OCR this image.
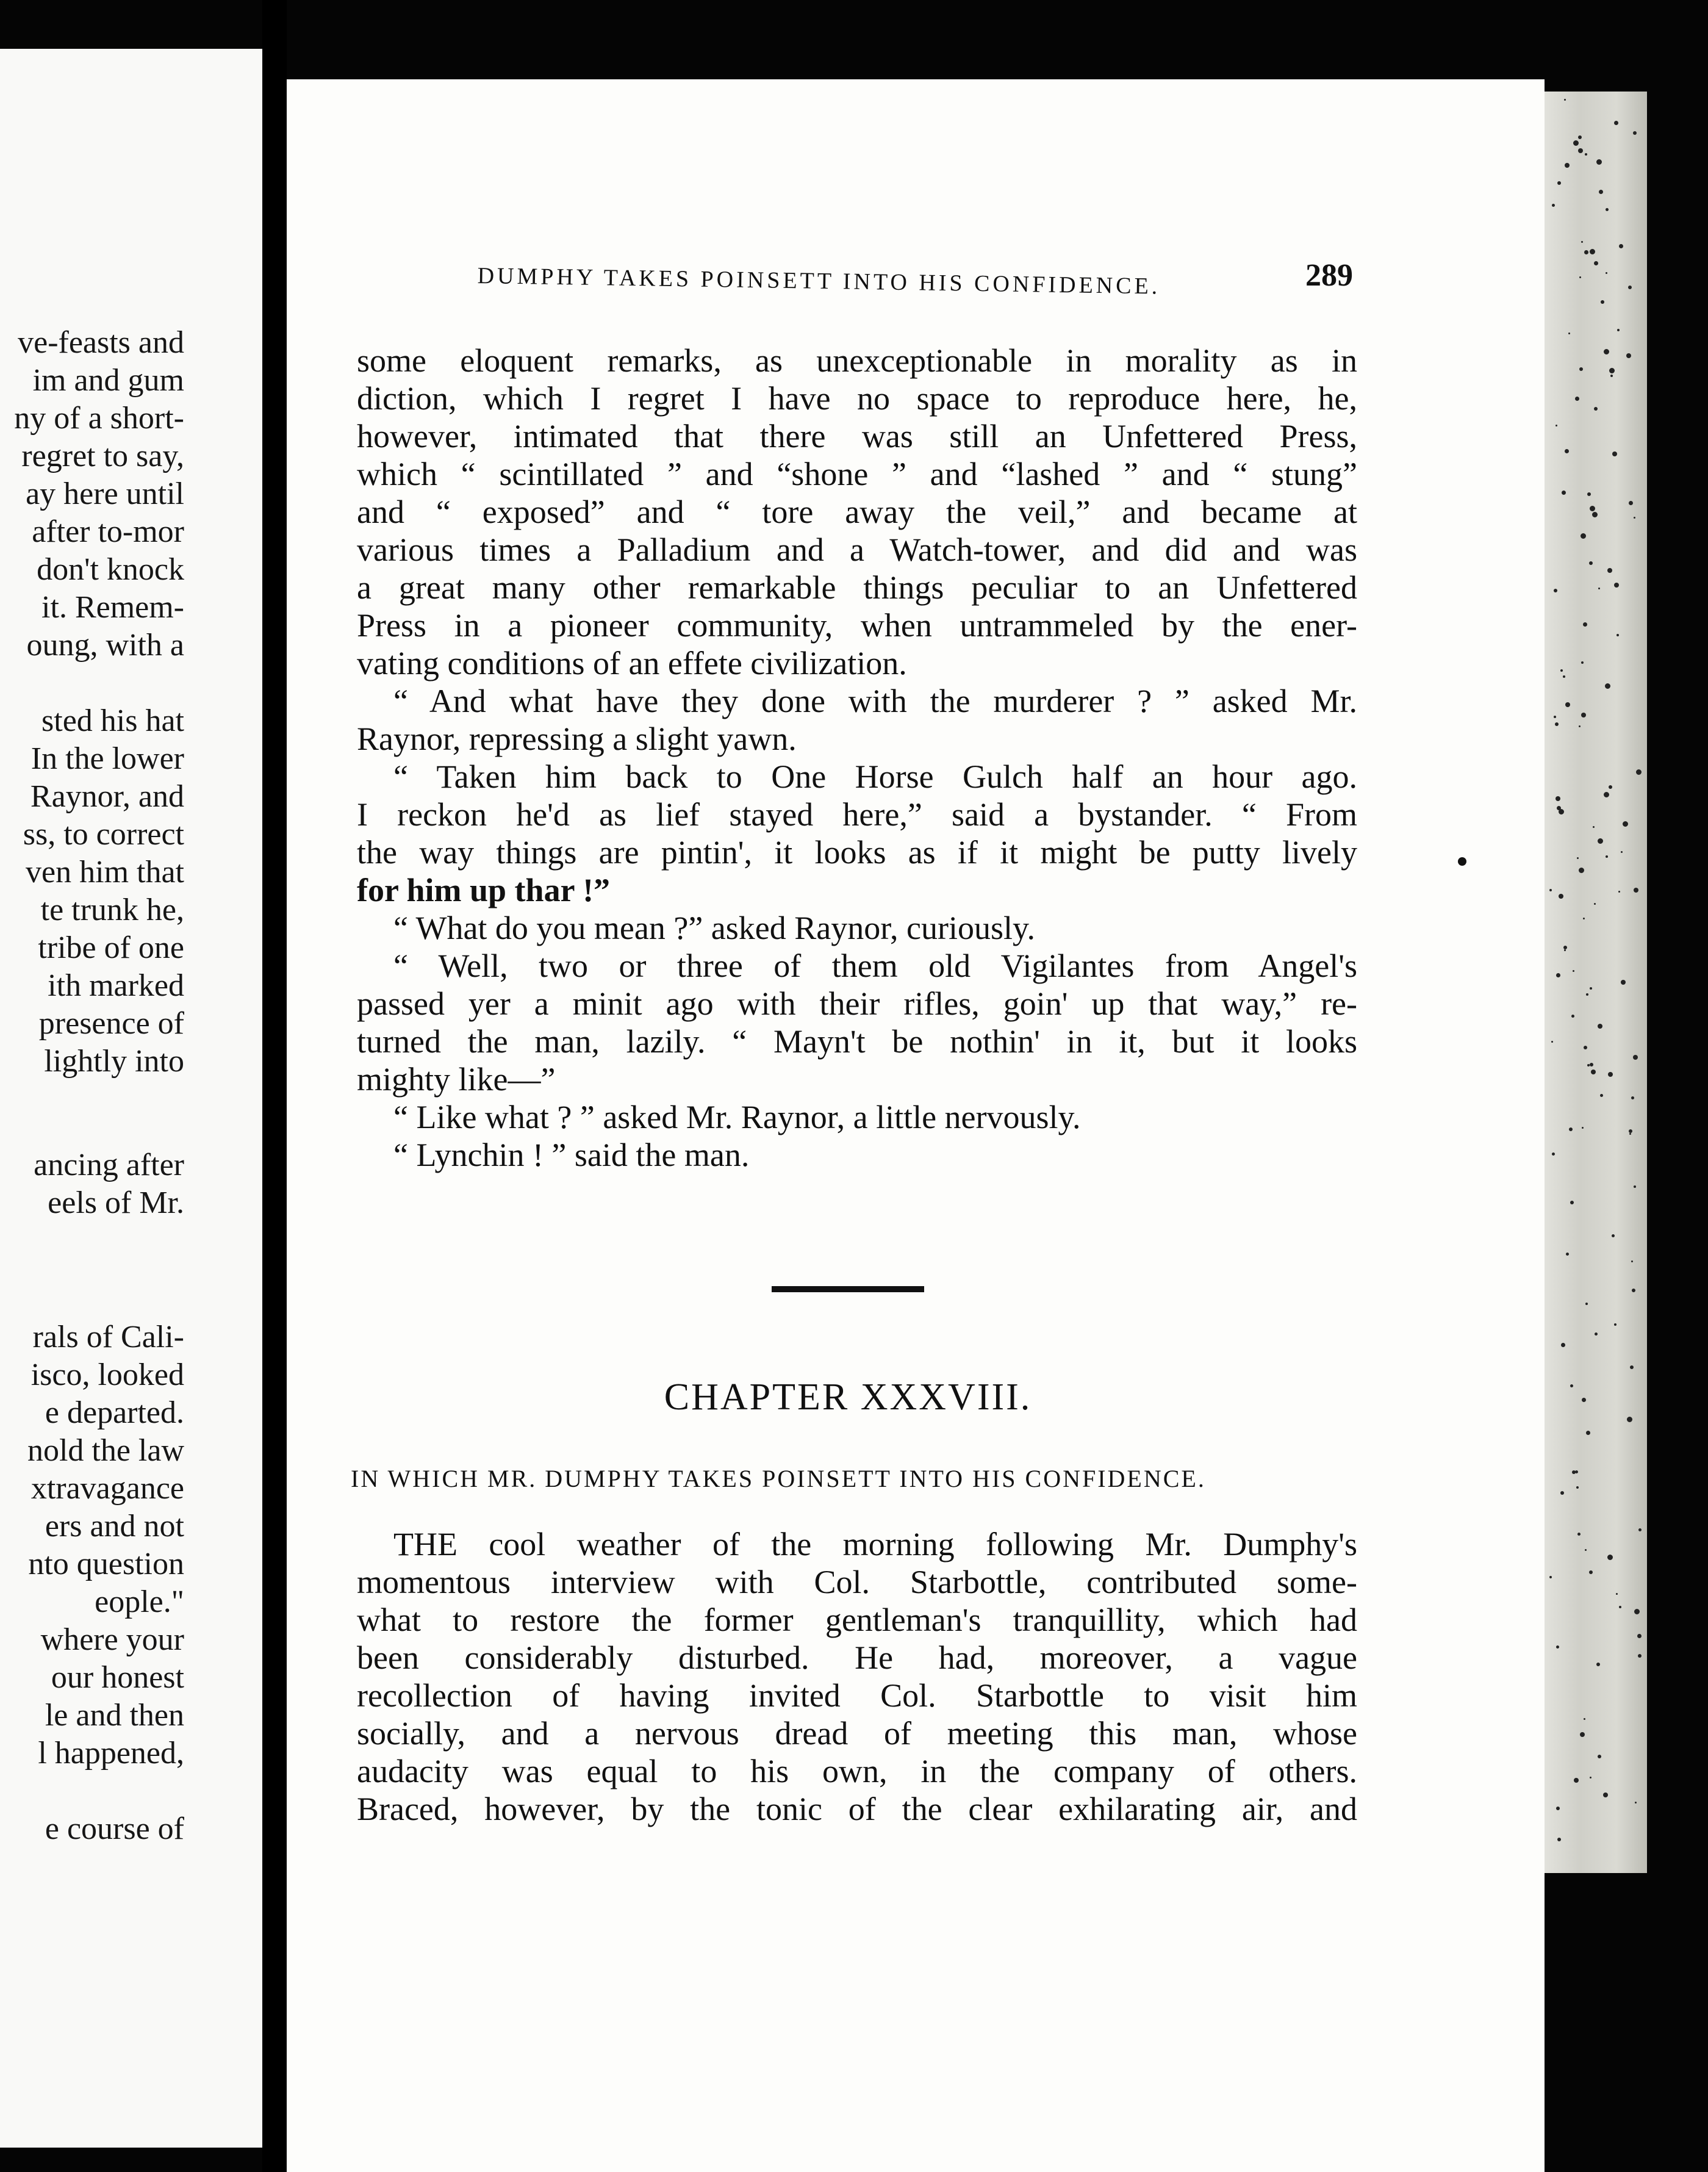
ve-feasts and
im and gum
ny of a short-
regret to say,
ay here until
after to-mor
don't knock
it. Remem-
oung, with a
sted his hat
In the lower
Raynor, and
ss, to correct
ven him that
te trunk he,
tribe of one
ith marked
presence of
lightly into
ancing after
eels of Mr.
rals of Cali-
isco, looked
e departed.
nold the law
xtravagance
ers and not
nto question
eople."
where your
our honest
le and then
l happened,
e course of
DUMPHY TAKES POINSETT INTO HIS CONFIDENCE.	289
some eloquent remarks, as unexceptionable in morality as in
diction, which I regret I have no space to reproduce here, he,
however, intimated that there was still an Unfettered Press,
which “ scintillated ” and “shone ” and “lashed ” and “ stung”
and “ exposed” and “ tore away the veil,” and became at
various times a Palladium and a Watch-tower, and did and was
a great many other remarkable things peculiar to an Unfettered
Press in a pioneer community, when untrammeled by the ener-
vating conditions of an effete civilization.
“ And what have they done with the murderer ? ” asked Mr.
Raynor, repressing a slight yawn.
“ Taken him back to One Horse Gulch half an hour ago.
I reckon he'd as lief stayed here,” said a bystander. “ From
the way things are pintin', it looks as if it might be putty lively
for him up thar !”
“ What do you mean ?” asked Raynor, curiously.
“ Well, two or three of them old Vigilantes from Angel's
passed yer a minit ago with their rifles, goin' up that way,” re-
turned the man, lazily. “ Mayn't be nothin' in it, but it looks
mighty like—”
“ Like what ? ” asked Mr. Raynor, a little nervously.
“ Lynchin ! ” said the man.
CHAPTER XXXVIII.
IN WHICH MR. DUMPHY TAKES POINSETT INTO HIS CONFIDENCE.
THE cool weather of the morning following Mr. Dumphy's
momentous interview with Col. Starbottle, contributed some-
what to restore the former gentleman's tranquillity, which had
been considerably disturbed. He had, moreover, a vague
recollection of having invited Col. Starbottle to visit him
socially, and a nervous dread of meeting this man, whose
audacity was equal to his own, in the company of others.
Braced, however, by the tonic of the clear exhilarating air, and
